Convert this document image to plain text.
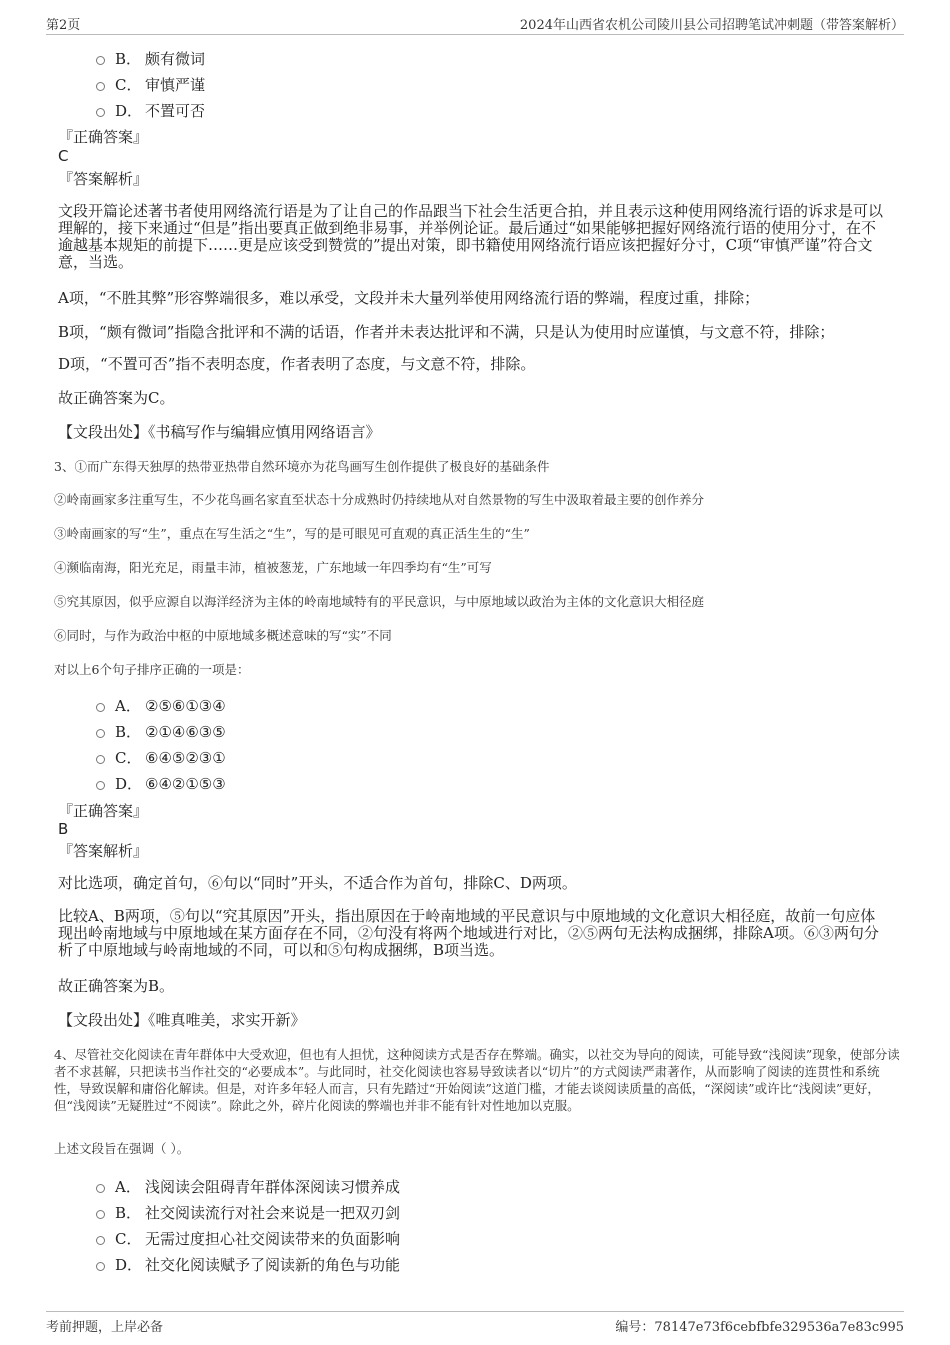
第2页	2024年山西省农机公司陵川县公司招聘笔试冲刺题（带答案解析）
B． 颇有微词
C． 审慎严谨
D． 不置可否
『正确答案』
C
『答案解析』
文段开篇论述著书者使用网络流行语是为了让自己的作品跟当下社会生活更合拍，并且表示这种使用网络流行语的诉求是可以理解的，接下来通过“但是”指出要真正做到绝非易事，并举例论证。最后通过“如果能够把握好网络流行语的使用分寸，在不逾越基本规矩的前提下……更是应该受到赞赏的”提出对策，即书籍使用网络流行语应该把握好分寸，C项“审慎严谨”符合文意，当选。
A项，“不胜其弊”形容弊端很多，难以承受，文段并未大量列举使用网络流行语的弊端，程度过重，排除；
B项，“颇有微词”指隐含批评和不满的话语，作者并未表达批评和不满，只是认为使用时应谨慎，与文意不符，排除；
D项，“不置可否”指不表明态度，作者表明了态度，与文意不符，排除。
故正确答案为C。
【文段出处】《书稿写作与编辑应慎用网络语言》
3、①而广东得天独厚的热带亚热带自然环境亦为花鸟画写生创作提供了极良好的基础条件
②岭南画家多注重写生，不少花鸟画名家直至状态十分成熟时仍持续地从对自然景物的写生中汲取着最主要的创作养分
③岭南画家的写“生”，重点在写生活之“生”，写的是可眼见可直观的真正活生生的“生”
④濒临南海，阳光充足，雨量丰沛，植被葱茏，广东地域一年四季均有“生”可写
⑤究其原因，似乎应源自以海洋经济为主体的岭南地域特有的平民意识，与中原地域以政治为主体的文化意识大相径庭
⑥同时，与作为政治中枢的中原地域多概述意味的写“实”不同
对以上6个句子排序正确的一项是：
A． ②⑤⑥①③④
B． ②①④⑥③⑤
C． ⑥④⑤②③①
D． ⑥④②①⑤③
『正确答案』
B
『答案解析』
对比选项，确定首句，⑥句以“同时”开头，不适合作为首句，排除C、D两项。
比较A、B两项，⑤句以“究其原因”开头，指出原因在于岭南地域的平民意识与中原地域的文化意识大相径庭，故前一句应体现出岭南地域与中原地域在某方面存在不同，②句没有将两个地域进行对比，②⑤两句无法构成捆绑，排除A项。⑥③两句分析了中原地域与岭南地域的不同，可以和⑤句构成捆绑，B项当选。
故正确答案为B。
【文段出处】《唯真唯美，求实开新》
4、尽管社交化阅读在青年群体中大受欢迎，但也有人担忧，这种阅读方式是否存在弊端。确实，以社交为导向的阅读，可能导致“浅阅读”现象，使部分读者不求甚解，只把读书当作社交的“必要成本”。与此同时，社交化阅读也容易导致读者以“切片”的方式阅读严肃著作，从而影响了阅读的连贯性和系统性，导致误解和庸俗化解读。但是，对许多年轻人而言，只有先踏过“开始阅读”这道门槛，才能去谈阅读质量的高低，“深阅读”或许比“浅阅读”更好，但“浅阅读”无疑胜过“不阅读”。除此之外，碎片化阅读的弊端也并非不能有针对性地加以克服。
上述文段旨在强调（ ）。
A． 浅阅读会阻碍青年群体深阅读习惯养成
B． 社交阅读流行对社会来说是一把双刃剑
C． 无需过度担心社交阅读带来的负面影响
D． 社交化阅读赋予了阅读新的角色与功能
考前押题，上岸必备	编号：78147e73f6cebfbfe329536a7e83c995
